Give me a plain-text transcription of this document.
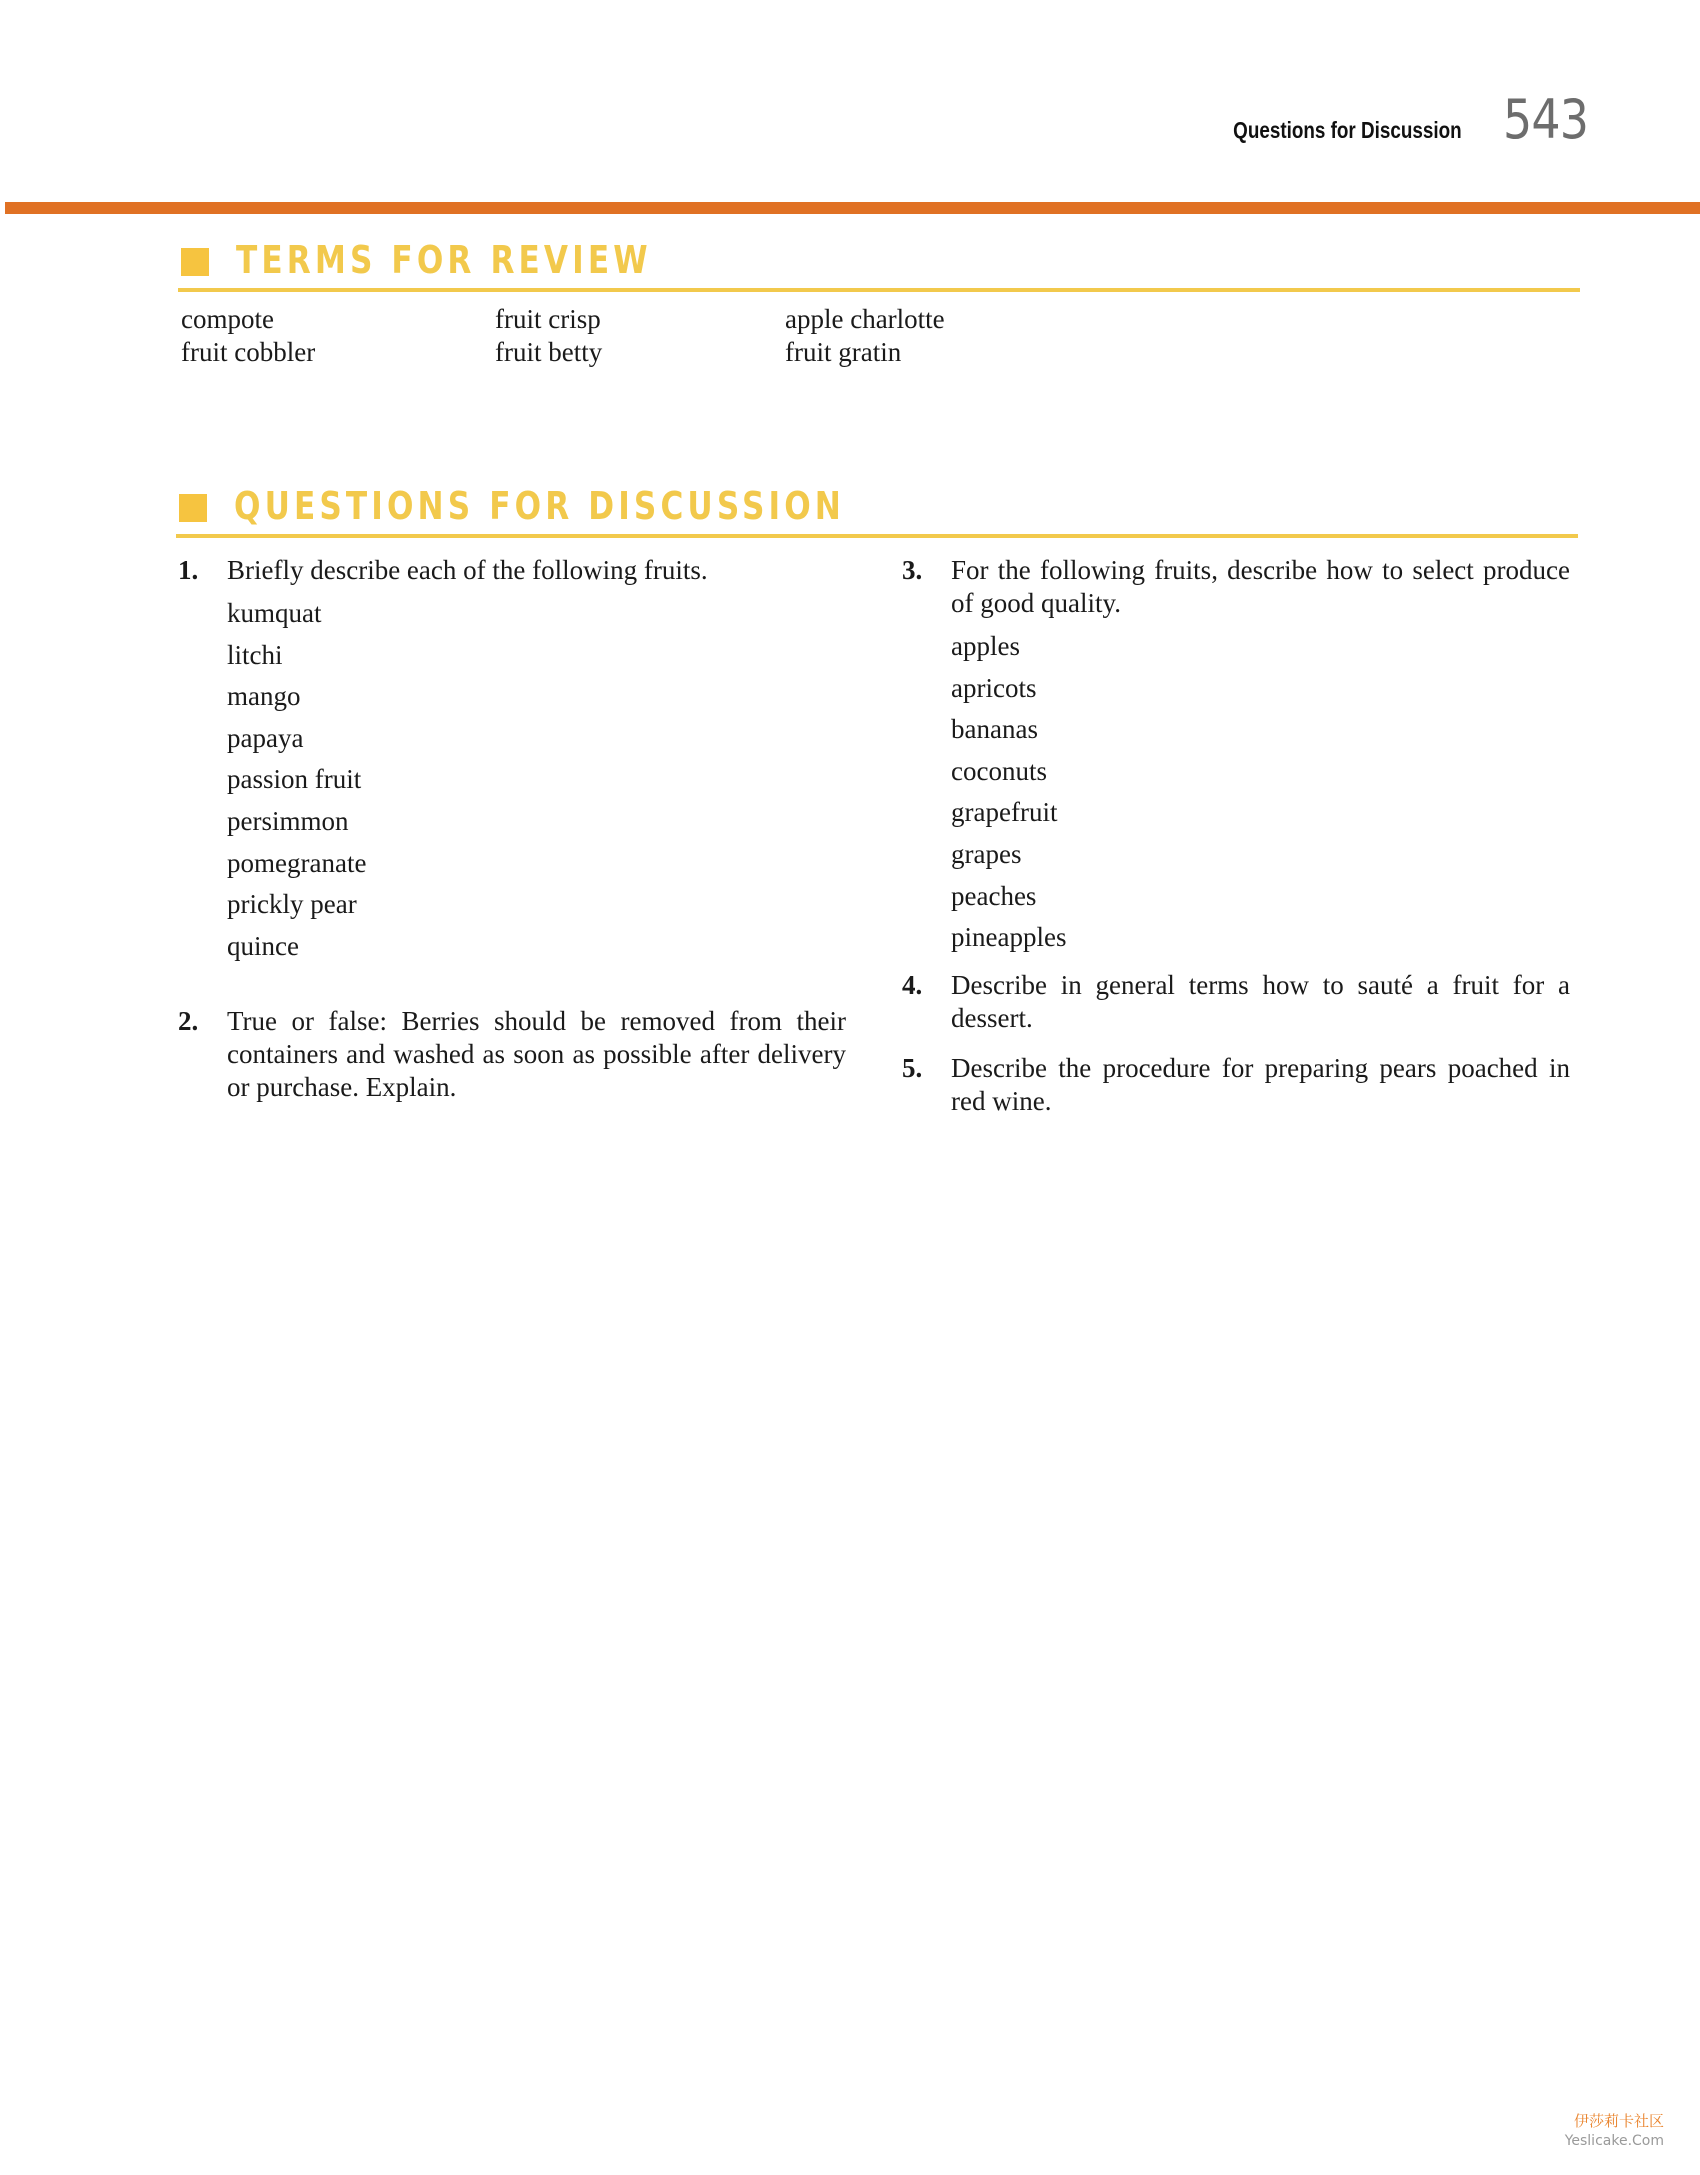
Questions for Discussion 543
TERMS FOR REVIEW
compote
fruit cobbler
fruit crisp
fruit betty
apple charlotte
fruit gratin
QUESTIONS FOR DISCUSSION
1. Briefly describe each of the following fruits.
kumquat
litchi
mango
papaya
passion fruit
persimmon
pomegranate
prickly pear
quince
2. True or false: Berries should be removed from their containers and washed as soon as possible after delivery or purchase. Explain.
3. For the following fruits, describe how to select produce of good quality.
apples
apricots
bananas
coconuts
grapefruit
grapes
peaches
pineapples
4. Describe in general terms how to sauté a fruit for a dessert.
5. Describe the procedure for preparing pears poached in red wine.
伊莎莉卡社区
Yeslicake.Com
